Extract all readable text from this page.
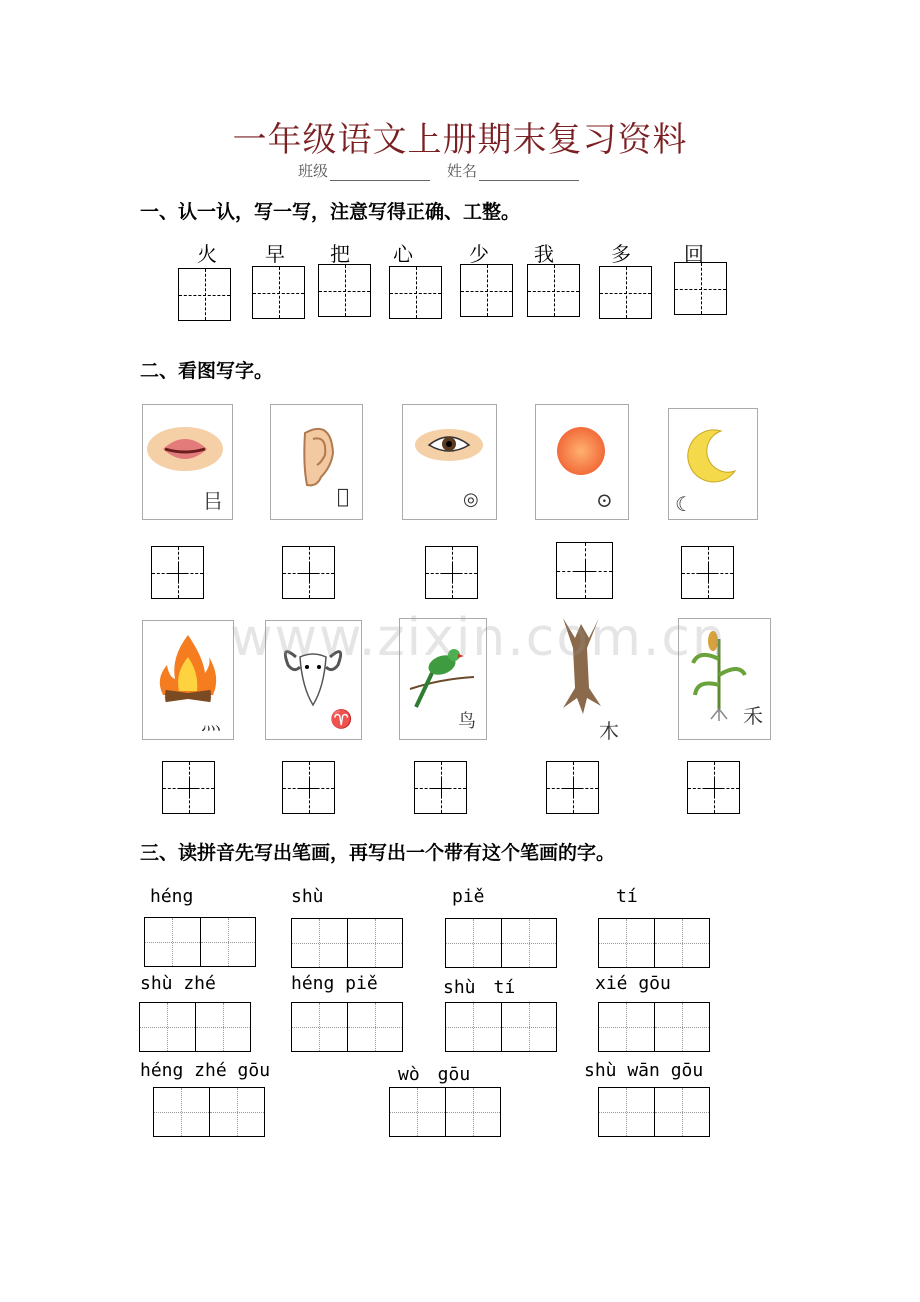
一年级语文上册期末复习资料
班级	姓名
一、认一认，写一写，注意写得正确、工整。
火	早	把	心	少	我	多	回
二、看图写字。
㠯	𠃎	◎	⊙	☾
灬	♈	鸟	木
禾
www.zixin.com.cn
三、读拼音先写出笔画，再写出一个带有这个笔画的字。
héng	shù	piě	tí
shù zhé	héng piě	shù　tí	xié gōu
héng zhé gōu	wò　gōu	shù wān gōu
